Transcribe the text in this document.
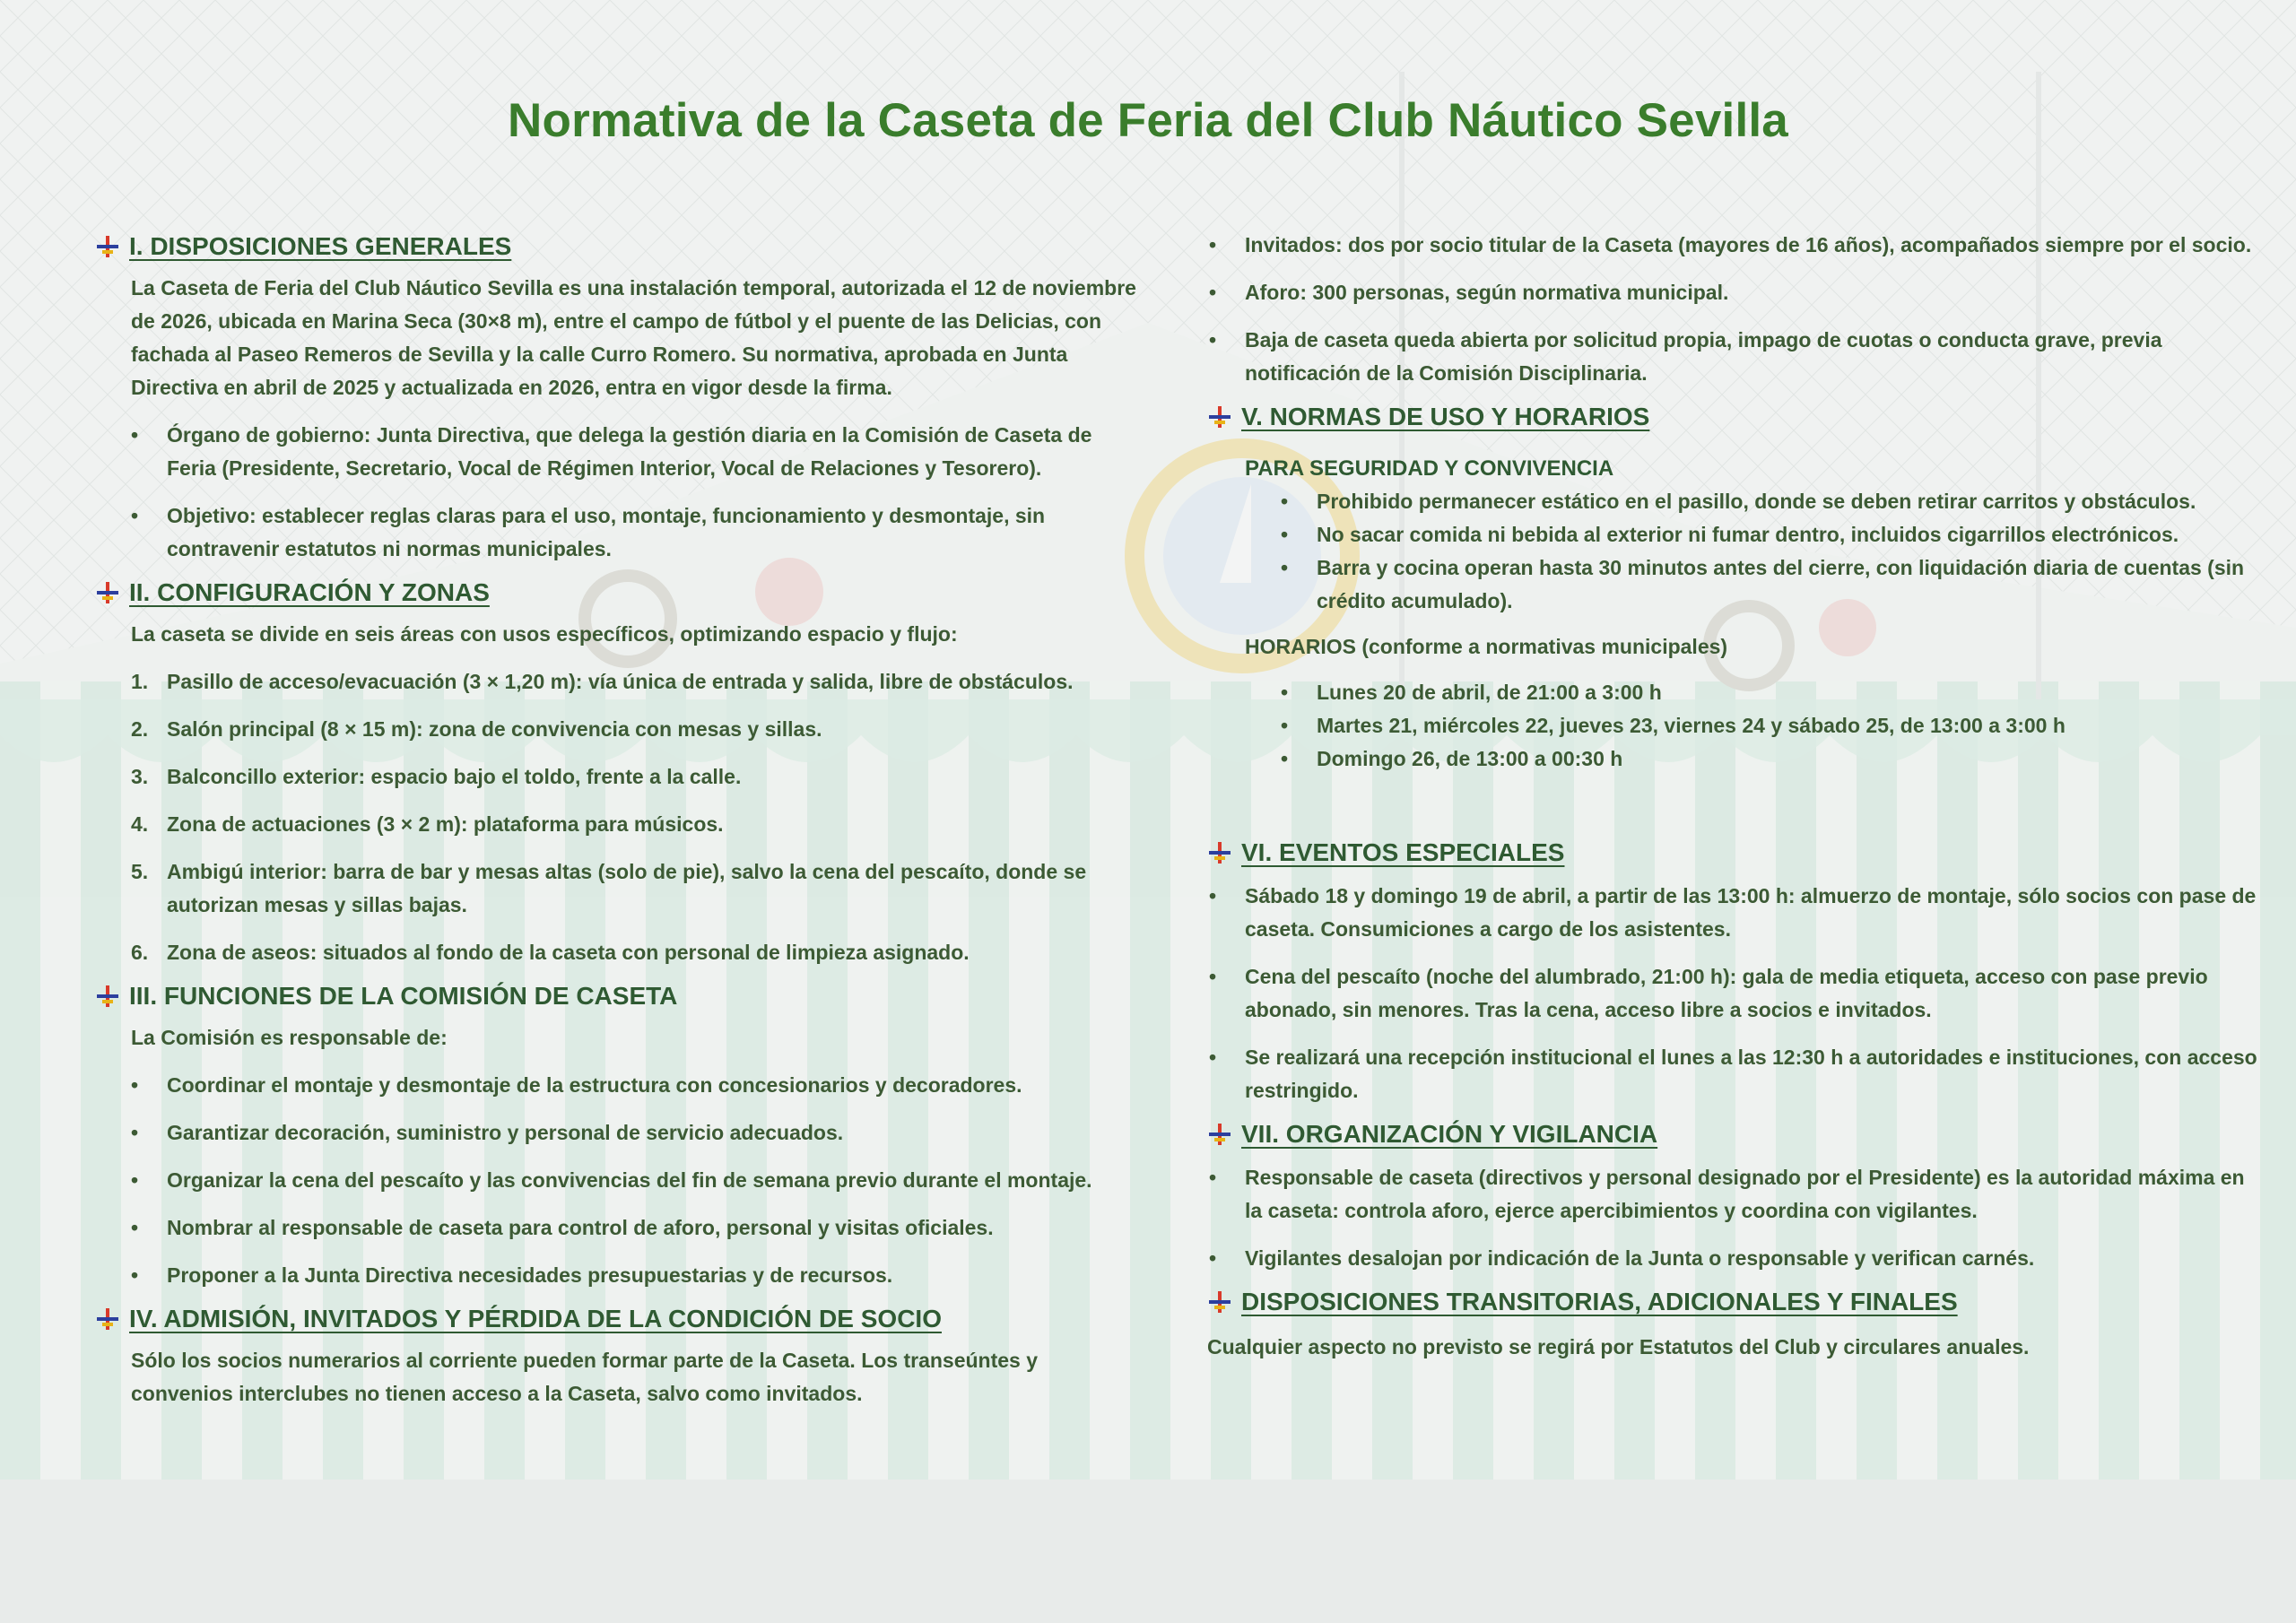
Normativa de la Caseta de Feria del Club Náutico Sevilla
I. DISPOSICIONES GENERALES

La Caseta de Feria del Club Náutico Sevilla es una instalación temporal, autorizada el 12 de noviembre de 2026, ubicada en Marina Seca (30×8 m), entre el campo de fútbol y el puente de las Delicias, con fachada al Paseo Remeros de Sevilla y la calle Curro Romero. Su normativa, aprobada en Junta Directiva en abril de 2025 y actualizada en 2026, entra en vigor desde la firma.

• Órgano de gobierno: Junta Directiva, que delega la gestión diaria en la Comisión de Caseta de Feria (Presidente, Secretario, Vocal de Régimen Interior, Vocal de Relaciones y Tesorero).
• Objetivo: establecer reglas claras para el uso, montaje, funcionamiento y desmontaje, sin contravenir estatutos ni normas municipales.
II. CONFIGURACIÓN Y ZONAS

La caseta se divide en seis áreas con usos específicos, optimizando espacio y flujo:

1. Pasillo de acceso/evacuación (3 × 1,20 m): vía única de entrada y salida, libre de obstáculos.
2. Salón principal (8 × 15 m): zona de convivencia con mesas y sillas.
3. Balconcillo exterior: espacio bajo el toldo, frente a la calle.
4. Zona de actuaciones (3 × 2 m): plataforma para músicos.
5. Ambigú interior: barra de bar y mesas altas (solo de pie), salvo la cena del pescaíto, donde se autorizan mesas y sillas bajas.
6. Zona de aseos: situados al fondo de la caseta con personal de limpieza asignado.
III. FUNCIONES DE LA COMISIÓN DE CASETA

La Comisión es responsable de:

• Coordinar el montaje y desmontaje de la estructura con concesionarios y decoradores.
• Garantizar decoración, suministro y personal de servicio adecuados.
• Organizar la cena del pescaíto y las convivencias del fin de semana previo durante el montaje.
• Nombrar al responsable de caseta para control de aforo, personal y visitas oficiales.
• Proponer a la Junta Directiva necesidades presupuestarias y de recursos.
IV. ADMISIÓN, INVITADOS Y PÉRDIDA DE LA CONDICIÓN DE SOCIO

Sólo los socios numerarios al corriente pueden formar parte de la Caseta. Los transeúntes y convenios interclubes no tienen acceso a la Caseta, salvo como invitados.

• Invitados: dos por socio titular de la Caseta (mayores de 16 años), acompañados siempre por el socio.
• Aforo: 300 personas, según normativa municipal.
• Baja de caseta queda abierta por solicitud propia, impago de cuotas o conducta grave, previa notificación de la Comisión Disciplinaria.
V. NORMAS DE USO Y HORARIOS

PARA SEGURIDAD Y CONVIVENCIA

• Prohibido permanecer estático en el pasillo, donde se deben retirar carritos y obstáculos.
• No sacar comida ni bebida al exterior ni fumar dentro, incluidos cigarrillos electrónicos.
• Barra y cocina operan hasta 30 minutos antes del cierre, con liquidación diaria de cuentas (sin crédito acumulado).

HORARIOS (conforme a normativas municipales)

• Lunes 20 de abril, de 21:00 a 3:00 h
• Martes 21, miércoles 22, jueves 23, viernes 24 y sábado 25, de 13:00 a 3:00 h
• Domingo 26, de 13:00 a 00:30 h
VI. EVENTOS ESPECIALES
• Sábado 18 y domingo 19 de abril, a partir de las 13:00 h: almuerzo de montaje, sólo socios con pase de caseta. Consumiciones a cargo de los asistentes.
• Cena del pescaíto (noche del alumbrado, 21:00 h): gala de media etiqueta, acceso con pase previo abonado, sin menores. Tras la cena, acceso libre a socios e invitados.
• Se realizará una recepción institucional el lunes a las 12:30 h a autoridades e instituciones, con acceso restringido.
VII. ORGANIZACIÓN Y VIGILANCIA
• Responsable de caseta (directivos y personal designado por el Presidente) es la autoridad máxima en la caseta: controla aforo, ejerce apercibimientos y coordina con vigilantes.
• Vigilantes desalojan por indicación de la Junta o responsable y verifican carnés.
DISPOSICIONES TRANSITORIAS, ADICIONALES Y FINALES

Cualquier aspecto no previsto se regirá por Estatutos del Club y circulares anuales.
